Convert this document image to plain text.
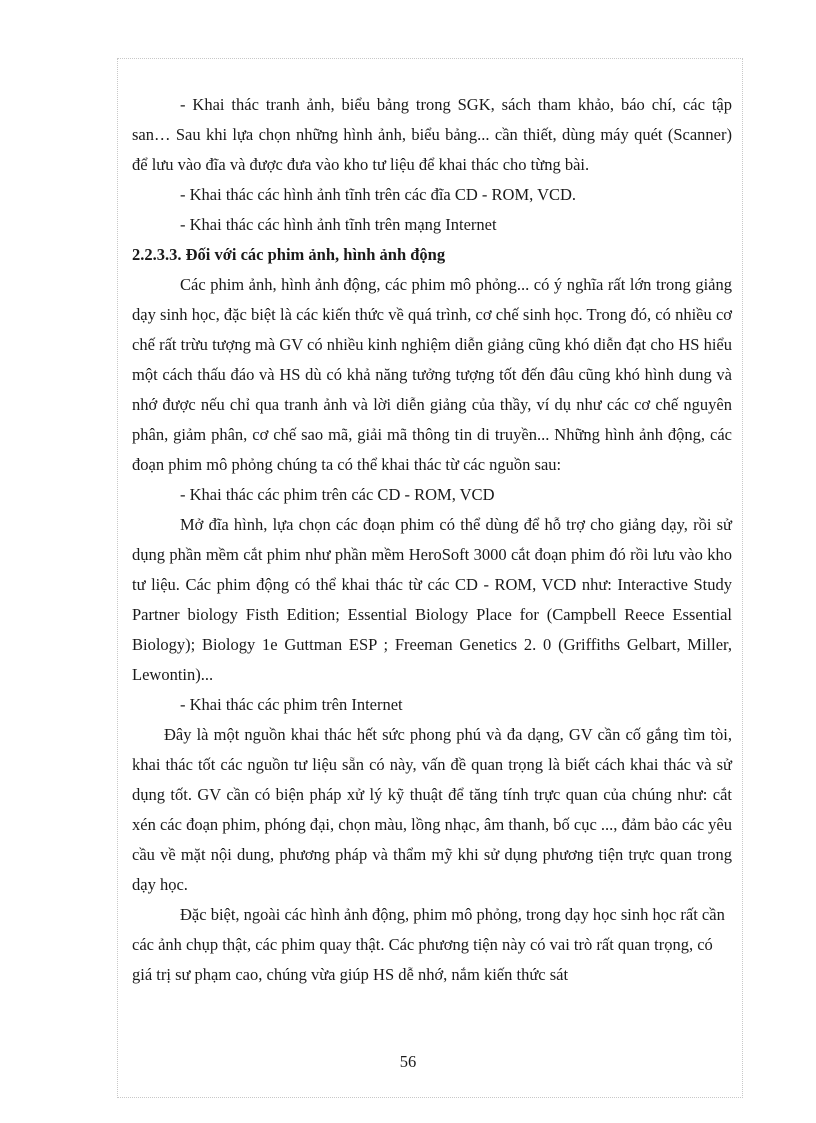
- Khai thác tranh ảnh, biểu bảng trong SGK, sách tham khảo, báo chí, các tập san… Sau khi lựa chọn những hình ảnh, biểu bảng... cần thiết, dùng máy quét (Scanner) để lưu vào đĩa và được đưa vào kho tư liệu để khai thác cho từng bài.

- Khai thác các hình ảnh tĩnh trên các đĩa CD - ROM, VCD.

- Khai thác các hình ảnh tĩnh trên mạng Internet

2.2.3.3. Đối với các phim ảnh, hình ảnh động

Các phim ảnh, hình ảnh động, các phim mô phỏng... có ý nghĩa rất lớn trong giảng dạy sinh học, đặc biệt là các kiến thức về quá trình, cơ chế sinh học. Trong đó, có nhiều cơ chế rất trừu tượng mà GV có nhiều kinh nghiệm diễn giảng cũng khó diễn đạt cho HS hiểu một cách thấu đáo và HS dù có khả năng tưởng tượng tốt đến đâu cũng khó hình dung và nhớ được nếu chỉ qua tranh ảnh và lời diễn giảng của thầy, ví dụ như các cơ chế nguyên phân, giảm phân, cơ chế sao mã, giải mã thông tin di truyền... Những hình ảnh động, các đoạn phim mô phỏng chúng ta có thể khai thác từ các nguồn sau:

- Khai thác các phim trên các CD - ROM, VCD

Mở đĩa hình, lựa chọn các đoạn phim có thể dùng để hỗ trợ cho giảng dạy, rồi sử dụng phần mềm cắt phim như phần mềm HeroSoft 3000 cắt đoạn phim đó rồi lưu vào kho tư liệu. Các phim động có thể khai thác từ các CD - ROM, VCD như: Interactive Study Partner biology Fisth Edition; Essential Biology Place for (Campbell Reece Essential Biology); Biology 1e Guttman ESP ; Freeman Genetics 2. 0 (Griffiths Gelbart, Miller, Lewontin)...

- Khai thác các phim trên Internet

Đây là một nguồn khai thác hết sức phong phú và đa dạng, GV cần cố gắng tìm tòi, khai thác tốt các nguồn tư liệu sẵn có này, vấn đề quan trọng là biết cách khai thác và sử dụng tốt. GV cần có biện pháp xử lý kỹ thuật để tăng tính trực quan của chúng như: cắt xén các đoạn phim, phóng đại, chọn màu, lồng nhạc, âm thanh, bố cục ..., đảm bảo các yêu cầu về mặt nội dung, phương pháp và thẩm mỹ khi sử dụng phương tiện trực quan trong dạy học.

Đặc biệt, ngoài các hình ảnh động, phim mô phỏng, trong dạy học sinh học rất cần các ảnh chụp thật, các phim quay thật. Các phương tiện này có vai trò rất quan trọng, có giá trị sư phạm cao, chúng vừa giúp HS dễ nhớ, nắm kiến thức sát

56
